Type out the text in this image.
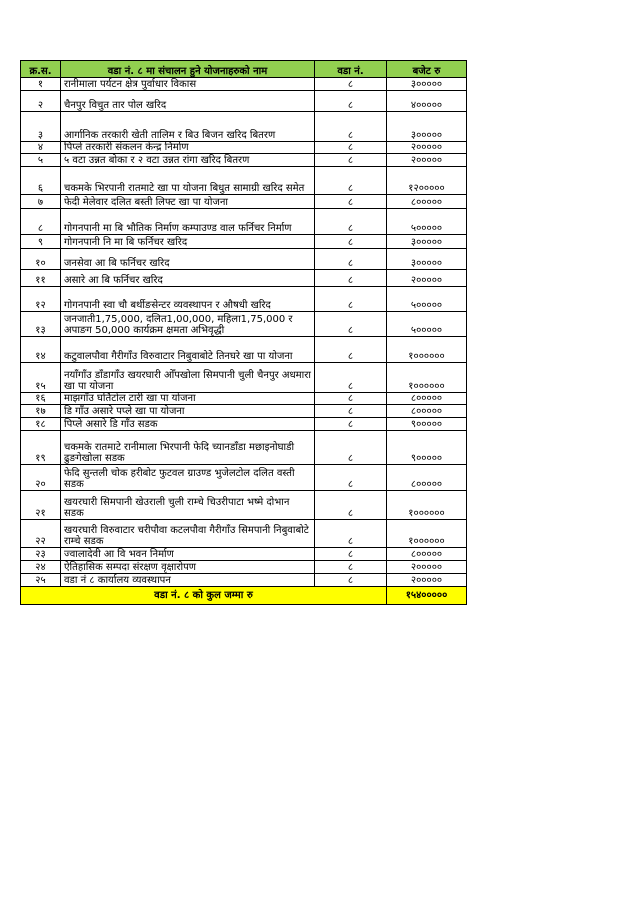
क्र.स.	वडा नं. ८ मा संचालन हुने योजनाहरुको नाम	वडा नं.	बजेट रु
१	रानीमाला पर्यटन क्षेत्र पुर्वाधार विकास	८	३०००००
२	चैनपुर विचुत तार पोल खरिद	८	४०००००
३	आर्गानिक तरकारी खेती तालिम र बिउ बिजन खरिद बितरण	८	३०००००
४	पिप्ले तरकारी संकलन केन्द्र निर्माण	८	२०००००
५	५ वटा उन्नत बोका र २ वटा उन्नत रांगा खरिद बितरण	८	२०००००
६	चकमके भिरपानी रातमाटे खा पा योजना बिधुत सामाग्री खरिद समेत	८	१२०००००
७	फेदी मेलेवार दलित बस्ती लिफ्ट खा पा योजना	८	८०००००
८	गोगनपानी मा बि भौतिक निर्माण कम्पाउण्ड वाल फर्निचर निर्माण	८	५०००००
९	गोगनपानी नि मा बि फर्निचर खरिद	८	३०००००
१०	जनसेवा आ बि फर्निचर खरिद	८	३०००००
११	असारे आ बि फर्निचर खरिद	८	२०००००
१२	गोगनपानी स्वा चौ बर्थीङसेन्टर व्यवस्थापन र औषधी खरिद	८	५०००००
१३	जनजाती1,75,000, दलित1,00,000, महिला1,75,000 र अपाङग 50,000 कार्यक्रम क्षमता अभिवृद्धी	८	५०००००
१४	कटुवालपौवा गैरीगाँउ विरुवाटार निबुवाबोटे तिनघरे खा पा योजना	८	१००००००
१५	नयाँगाँउ डाँडागाँउ खयरघारी ओँपखोला सिमपानी चुली चैनपुर अधमारा खा पा योजना	८	१००००००
१६	माझगाँउ घर्तिटोल टारी खा पा योजना	८	८०००००
१७	डि गाँउ असारे पप्ले खा पा योजना	८	८०००००
१८	पिप्ले असारे डि गाँउ सडक	८	९०००००
१९	चकमके रातमाटे रानीमाला भिरपानी फेदि च्यानडाँडा मछाइनोघाडी ढुङगेखोला सडक	८	९०००००
२०	फेदि सुन्तली चोक हरीबोट फुटवल ग्राउण्ड भुजेलटोल दलित वस्ती सडक	८	८०००००
२१	खयरघारी सिमपानी खेउराली चुली राम्चे चिउरीपाटा भष्मे दोभान सडक	८	१००००००
२२	खयरघारी विरुवाटार चरीपौवा कटलपौवा गैरीगाँउ सिमपानी निबुवाबोटे राम्चे सडक	८	१००००००
२३	ज्वालादेवी आ वि भवन निर्माण	८	८०००००
२४	ऐतिहासिक सम्पदा संरक्षण वृक्षारोपण	८	२०००००
२५	वडा नं ८ कार्यालय व्यवस्थापन	८	२०००००
वडा नं. ८ को कुल जम्मा रु			१५४०००००
